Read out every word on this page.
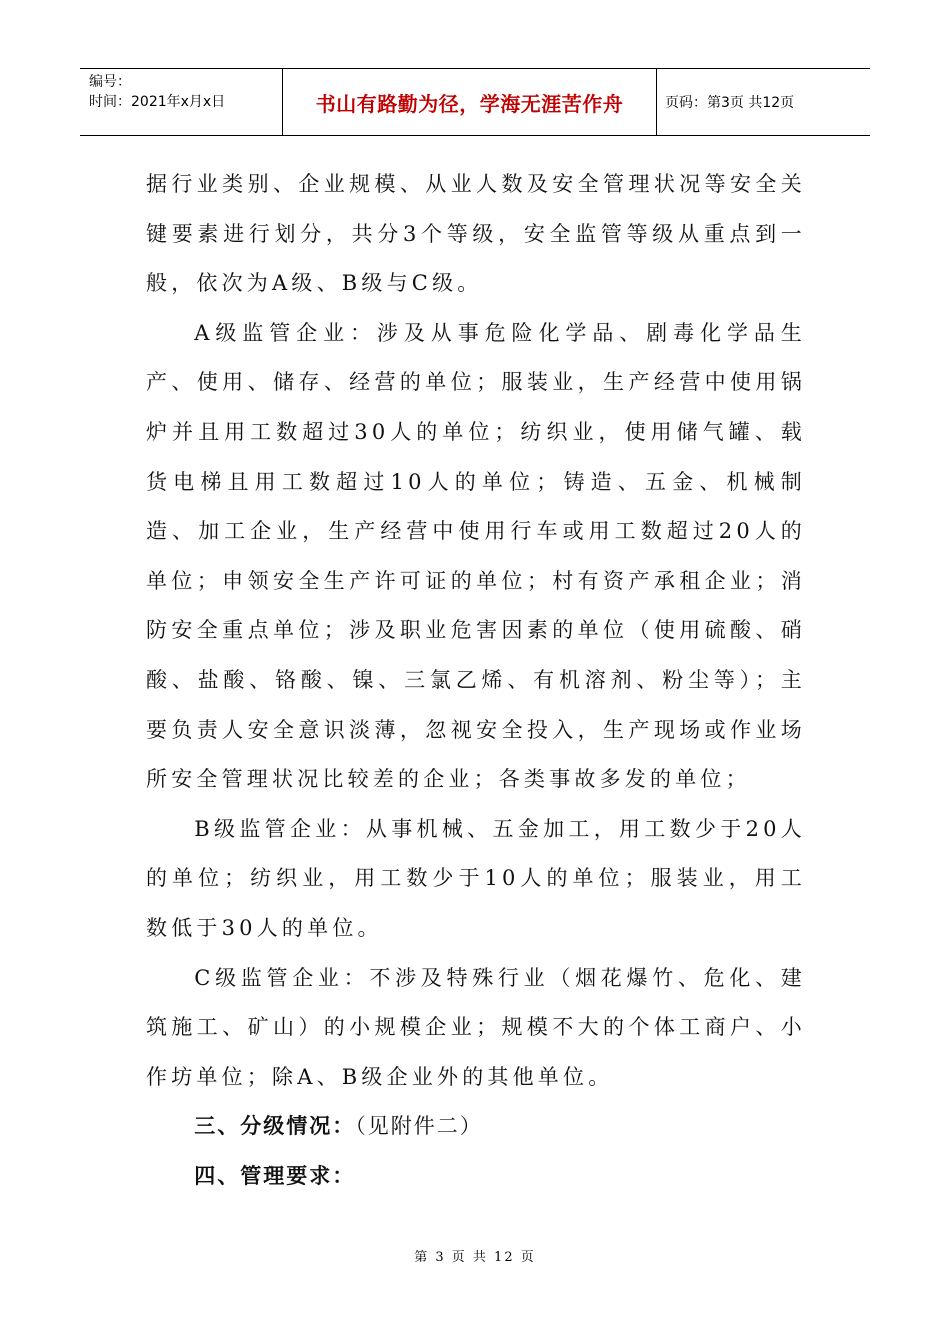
编号：
时间：2021年x月x日	书山有路勤为径，学海无涯苦作舟	页码：第3页 共12页

据行业类别、企业规模、从业人数及安全管理状况等安全关键要素进行划分，共分3个等级，安全监管等级从重点到一般，依次为A级、B级与C级。

A级监管企业：涉及从事危险化学品、剧毒化学品生产、使用、储存、经营的单位；服装业，生产经营中使用锅炉并且用工数超过30人的单位；纺织业，使用储气罐、载货电梯且用工数超过10人的单位；铸造、五金、机械制造、加工企业，生产经营中使用行车或用工数超过20人的单位；申领安全生产许可证的单位；村有资产承租企业；消防安全重点单位；涉及职业危害因素的单位（使用硫酸、硝酸、盐酸、铬酸、镍、三氯乙烯、有机溶剂、粉尘等）；主要负责人安全意识淡薄，忽视安全投入，生产现场或作业场所安全管理状况比较差的企业；各类事故多发的单位；

B级监管企业：从事机械、五金加工，用工数少于20人的单位；纺织业，用工数少于10人的单位；服装业，用工数低于30人的单位。

C级监管企业：不涉及特殊行业（烟花爆竹、危化、建筑施工、矿山）的小规模企业；规模不大的个体工商户、小作坊单位；除A、B级企业外的其他单位。

三、分级情况：（见附件二）

四、管理要求：

第 3 页 共 12 页
